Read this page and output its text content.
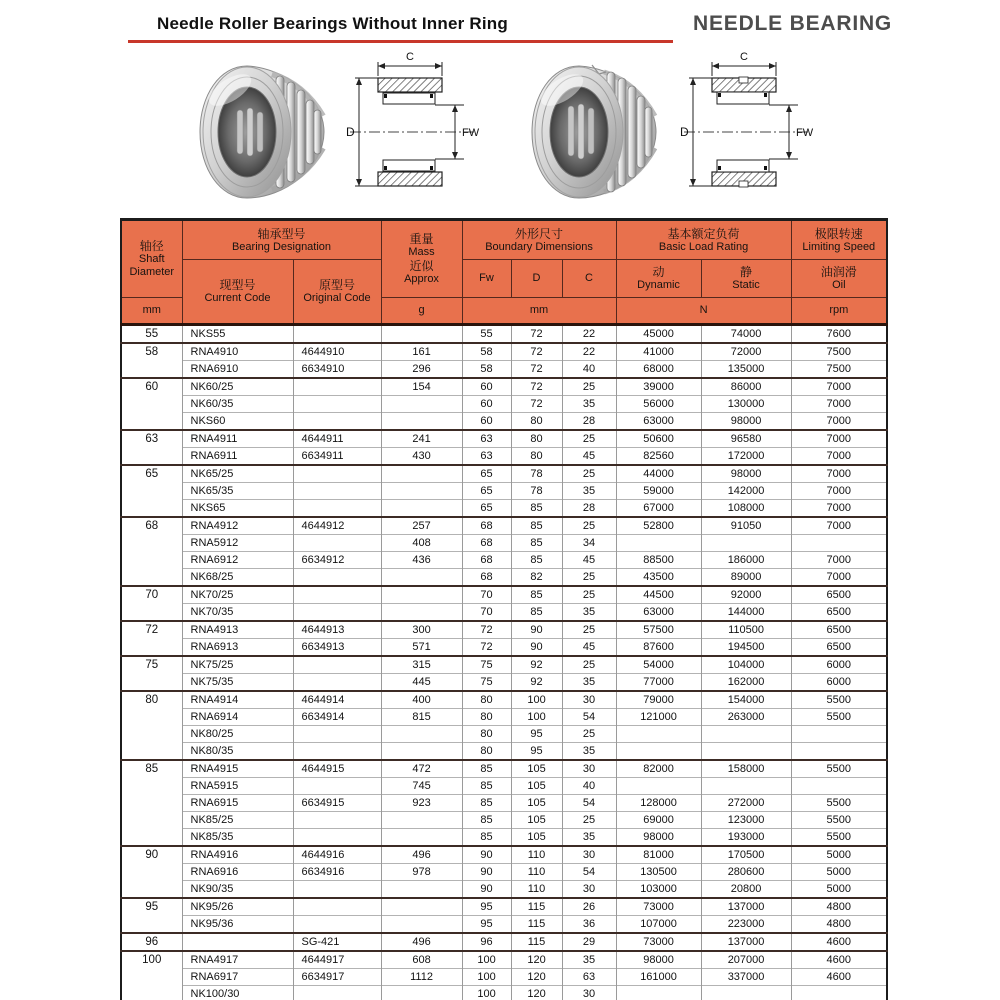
Needle Roller Bearings Without Inner Ring	NEEDLE BEARING
C
D	FW
C
D	FW
轴径
Shaft
Diameter

轴承型号
Bearing Designation

重量
Mass
近似
Approx

外形尺寸
Boundary Dimensions

基本额定负荷
Basic Load Rating

极限转速
Limiting Speed

现型号
Current Code

原型号
Original Code

Fw	D	C	动
Dynamic

静
Static

油润滑
Oil

mm			g	mm			N		rpm

55	NKS55			55	72	22	45000	74000	7600
58	RNA4910	4644910	161	58	72	22	41000	72000	7500
	RNA6910	6634910	296	58	72	40	68000	135000	7500
60	NK60/25		154	60	72	25	39000	86000	7000
	NK60/35			60	72	35	56000	130000	7000
	NKS60			60	80	28	63000	98000	7000
63	RNA4911	4644911	241	63	80	25	50600	96580	7000
	RNA6911	6634911	430	63	80	45	82560	172000	7000
65	NK65/25			65	78	25	44000	98000	7000
	NK65/35			65	78	35	59000	142000	7000
	NKS65			65	85	28	67000	108000	7000
68	RNA4912	4644912	257	68	85	25	52800	91050	7000
	RNA5912		408	68	85	34			
	RNA6912	6634912	436	68	85	45	88500	186000	7000
	NK68/25			68	82	25	43500	89000	7000
70	NK70/25			70	85	25	44500	92000	6500
	NK70/35			70	85	35	63000	144000	6500
72	RNA4913	4644913	300	72	90	25	57500	110500	6500
	RNA6913	6634913	571	72	90	45	87600	194500	6500
75	NK75/25		315	75	92	25	54000	104000	6000
	NK75/35		445	75	92	35	77000	162000	6000
80	RNA4914	4644914	400	80	100	30	79000	154000	5500
	RNA6914	6634914	815	80	100	54	121000	263000	5500
	NK80/25			80	95	25			
	NK80/35			80	95	35			
85	RNA4915	4644915	472	85	105	30	82000	158000	5500
	RNA5915		745	85	105	40			
	RNA6915	6634915	923	85	105	54	128000	272000	5500
	NK85/25			85	105	25	69000	123000	5500
	NK85/35			85	105	35	98000	193000	5500
90	RNA4916	4644916	496	90	110	30	81000	170500	5000
	RNA6916	6634916	978	90	110	54	130500	280600	5000
	NK90/35			90	110	30	103000	20800	5000
95	NK95/26			95	115	26	73000	137000	4800
	NK95/36			95	115	36	107000	223000	4800
96		SG-421	496	96	115	29	73000	137000	4600
100	RNA4917	4644917	608	100	120	35	98000	207000	4600
	RNA6917	6634917	1112	100	120	63	161000	337000	4600
	NK100/30			100	120	30			
